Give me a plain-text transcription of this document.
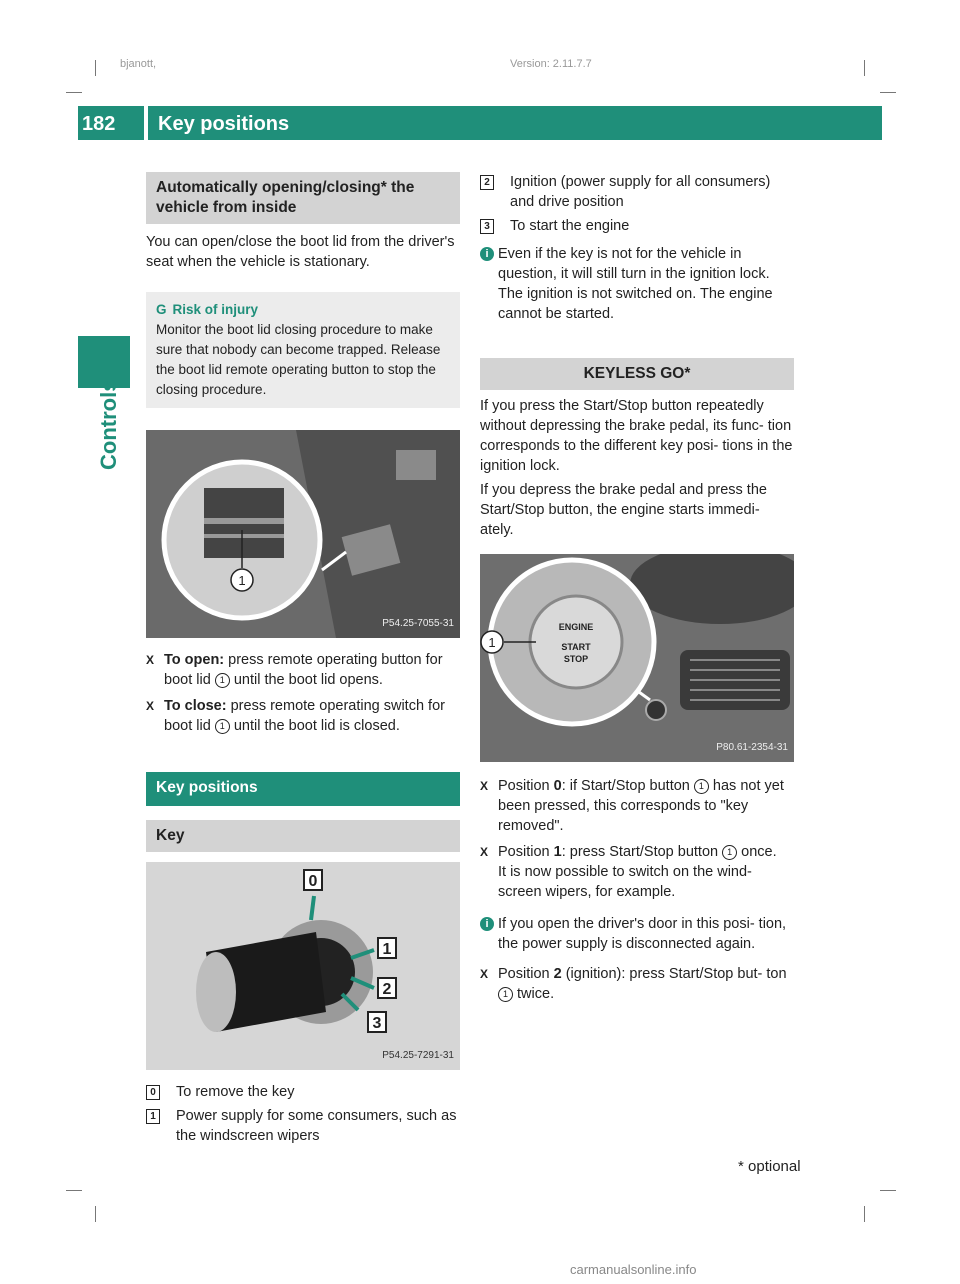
bjanott,	Version: 2.11.7.7
182 Key positions
Controls
Automatically opening/closing* the vehicle from inside

You can open/close the boot lid from the driver's seat when the vehicle is stationary.

G Risk of injury
Monitor the boot lid closing procedure to make sure that nobody can become trapped. Release the boot lid remote operating button to stop the closing procedure.
1
P54.25-7055-31
X To open: press remote operating button for boot lid 1 until the boot lid opens.
X To close: press remote operating switch for boot lid 1 until the boot lid is closed.
Key positions
Key
0
1
2
3
P54.25-7291-31
0 To remove the key
1 Power supply for some consumers, such as the windscreen wipers
2 Ignition (power supply for all consumers) and drive position
3 To start the engine
i Even if the key is not for the vehicle in question, it will still turn in the ignition lock. The ignition is not switched on. The engine cannot be started.
KEYLESS GO*

If you press the Start/Stop button repeatedly without depressing the brake pedal, its func- tion corresponds to the different key posi- tions in the ignition lock.

If you depress the brake pedal and press the Start/Stop button, the engine starts immedi- ately.

ENGINE
START
STOP
1
P80.61-2354-31
X Position 0: if Start/Stop button 1 has not yet been pressed, this corresponds to "key removed".
X Position 1: press Start/Stop button 1 once.
It is now possible to switch on the wind- screen wipers, for example.
i If you open the driver's door in this posi- tion, the power supply is disconnected again.
X Position 2 (ignition): press Start/Stop but- ton 1 twice.
* optional
carmanualsonline.info
